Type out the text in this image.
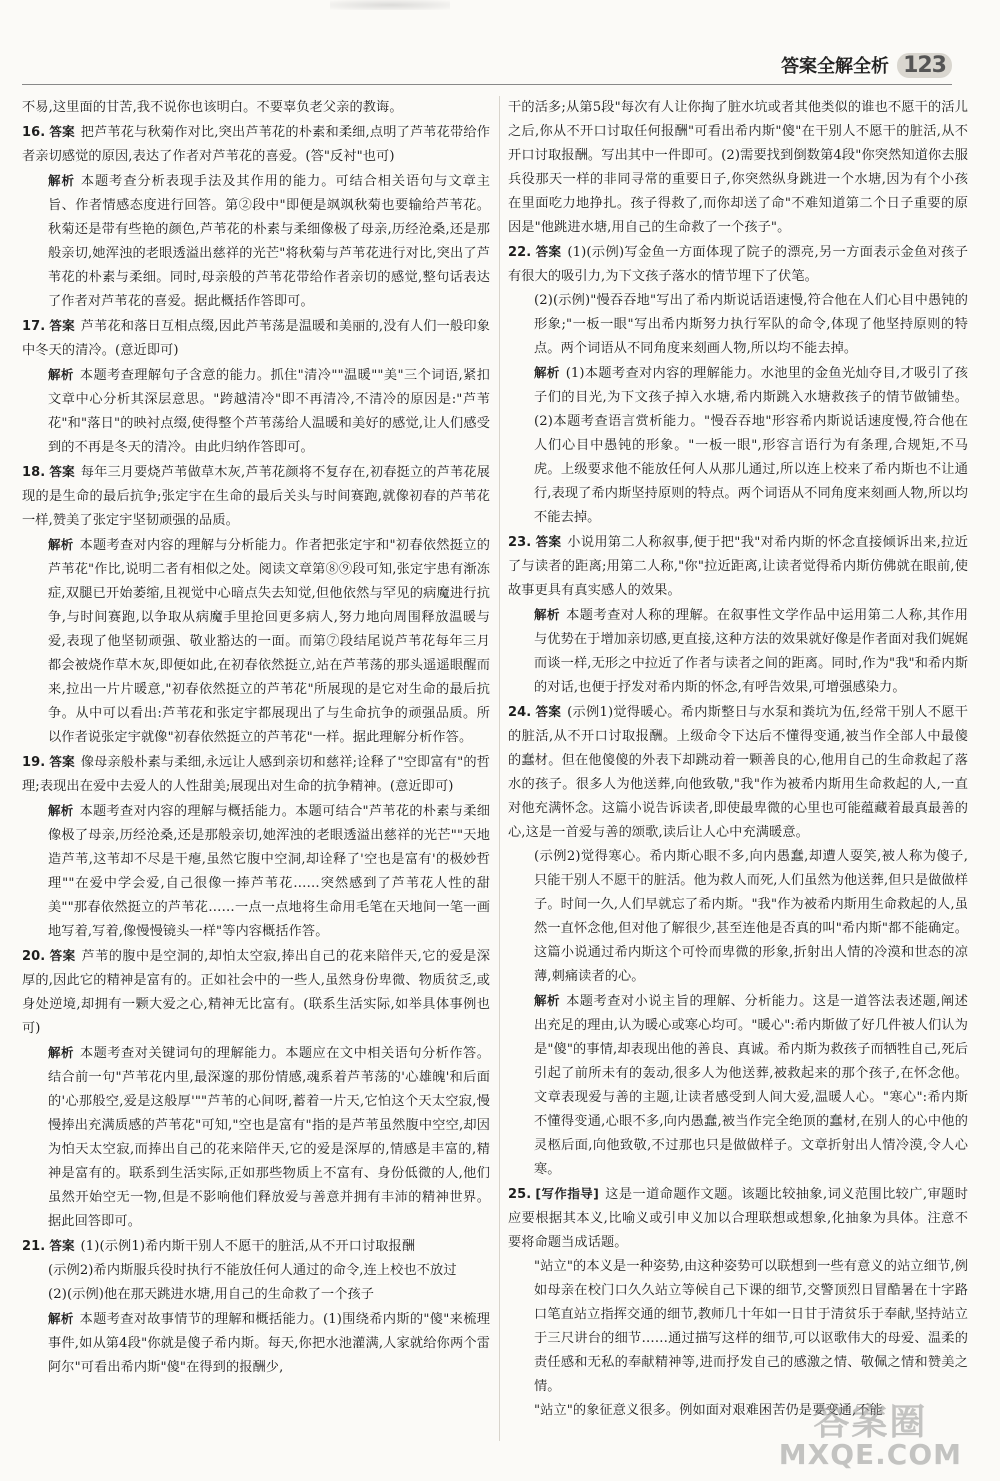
答案全解全析 123

不易,这里面的甘苦,我不说你也该明白。不要辜负老父亲的教诲。

16. 答案 把芦苇花与秋菊作对比,突出芦苇花的朴素和柔细,点明了芦苇花带给作者亲切感觉的原因,表达了作者对芦苇花的喜爱。(答"反衬"也可)

解析 本题考查分析表现手法及其作用的能力。可结合相关语句与文章主旨、作者情感态度进行回答。第②段中"即便是飒飒秋菊也要输给芦苇花。秋菊还是带有些艳的颜色,芦苇花的朴素与柔细像极了母亲,历经沧桑,还是那般亲切,她浑浊的老眼透溢出慈祥的光芒"将秋菊与芦苇花进行对比,突出了芦苇花的朴素与柔细。同时,母亲般的芦苇花带给作者亲切的感觉,整句话表达了作者对芦苇花的喜爱。据此概括作答即可。

17. 答案 芦苇花和落日互相点缀,因此芦苇荡是温暖和美丽的,没有人们一般印象中冬天的清冷。(意近即可)

解析 本题考查理解句子含意的能力。抓住"清冷""温暖""美"三个词语,紧扣文章中心分析其深层意思。"跨越清冷"即不再清冷,不清冷的原因是:"芦苇花"和"落日"的映衬点缀,使得整个芦苇荡给人温暖和美好的感觉,让人们感受到的不再是冬天的清冷。由此归纳作答即可。

18. 答案 每年三月要烧芦苇做草木灰,芦苇花颜将不复存在,初春挺立的芦苇花展现的是生命的最后抗争;张定宇在生命的最后关头与时间赛跑,就像初春的芦苇花一样,赞美了张定宇坚韧顽强的品质。

解析 本题考查对内容的理解与分析能力。作者把张定宇和"初春依然挺立的芦苇花"作比,说明二者有相似之处。阅读文章第⑧⑨段可知,张定宇患有渐冻症,双腿已开始萎缩,且视觉中心暗点失去知觉,但他依然与罕见的病魔进行抗争,与时间赛跑,以争取从病魔手里抢回更多病人,努力地向周围释放温暖与爱,表现了他坚韧顽强、敬业豁达的一面。而第⑦段结尾说芦苇花每年三月都会被烧作草木灰,即便如此,在初春依然挺立,站在芦苇荡的那头遥遥眼醒而来,拉出一片片暖意,"初春依然挺立的芦苇花"所展现的是它对生命的最后抗争。从中可以看出:芦苇花和张定宇都展现出了与生命抗争的顽强品质。所以作者说张定宇就像"初春依然挺立的芦苇花"一样。据此理解分析作答。

19. 答案 像母亲般朴素与柔细,永远让人感到亲切和慈祥;诠释了"空即富有"的哲理;表现出在爱中去爱人的人性甜美;展现出对生命的抗争精神。(意近即可)

解析 本题考查对内容的理解与概括能力。本题可结合"芦苇花的朴素与柔细像极了母亲,历经沧桑,还是那般亲切,她浑浊的老眼透溢出慈祥的光芒""天地造芦苇,这苇却不尽是干瘪,虽然它腹中空洞,却诠释了'空也是富有'的极妙哲理""在爱中学会爱,自己很像一捧芦苇花……突然感到了芦苇花人性的甜美""那春依然挺立的芦苇花……一点一点地将生命用毛笔在天地间一笔一画地写着,写着,像慢慢镜头一样"等内容概括作答。

20. 答案 芦苇的腹中是空洞的,却怕太空寂,捧出自己的花来陪伴天,它的爱是深厚的,因此它的精神是富有的。正如社会中的一些人,虽然身份卑微、物质贫乏,或身处逆境,却拥有一颗大爱之心,精神无比富有。(联系生活实际,如举具体事例也可)

解析 本题考查对关键词句的理解能力。本题应在文中相关语句分析作答。结合前一句"芦苇花内里,最深邃的那份情感,魂系着芦苇荡的'心雄魄'和后面的'心那般空,爱是这般厚'""芦苇的心间呀,蓄着一片天,它怕这个天太空寂,慢慢捧出充满质感的芦苇花"可知,"空也是富有"指的是芦苇虽然腹中空空,却因为怕天太空寂,而捧出自己的花来陪伴天,它的爱是深厚的,情感是丰富的,精神是富有的。联系到生活实际,正如那些物质上不富有、身份低微的人,他们虽然开始空无一物,但是不影响他们释放爱与善意并拥有丰沛的精神世界。据此回答即可。

21. 答案 (1)(示例1)希内斯干别人不愿干的脏活,从不开口讨取报酬

(示例2)希内斯服兵役时执行不能放任何人通过的命令,连上校也不放过

(2)(示例)他在那天跳进水塘,用自己的生命救了一个孩子

解析 本题考查对故事情节的理解和概括能力。(1)围绕希内斯的"傻"来梳理事件,如从第4段"你就是傻子希内斯。每天,你把水池灌满,人家就给你两个雷阿尔"可看出希内斯"傻"在得到的报酬少,

干的活多;从第5段"每次有人让你掏了脏水坑或者其他类似的谁也不愿干的活儿之后,你从不开口讨取任何报酬"可看出希内斯"傻"在干别人不愿干的脏活,从不开口讨取报酬。写出其中一件即可。(2)需要找到倒数第4段"你突然知道你去服兵役那天一样的非同寻常的重要日子,你突然纵身跳进一个水塘,因为有个小孩在里面吃力地挣扎。孩子得救了,而你却送了命"不难知道第二个日子重要的原因是"他跳进水塘,用自己的生命救了一个孩子"。

22. 答案 (1)(示例)写金鱼一方面体现了院子的漂亮,另一方面表示金鱼对孩子有很大的吸引力,为下文孩子落水的情节埋下了伏笔。

(2)(示例)"慢吞吞地"写出了希内斯说话语速慢,符合他在人们心目中愚钝的形象;"一板一眼"写出希内斯努力执行军队的命令,体现了他坚持原则的特点。两个词语从不同角度来刻画人物,所以均不能去掉。

解析 (1)本题考查对内容的理解能力。水池里的金鱼光灿夺目,才吸引了孩子们的目光,为下文孩子掉入水塘,希内斯跳入水塘救孩子的情节做铺垫。(2)本题考查语言赏析能力。"慢吞吞地"形容希内斯说话速度慢,符合他在人们心目中愚钝的形象。"一板一眼",形容言语行为有条理,合规矩,不马虎。上级要求他不能放任何人从那儿通过,所以连上校来了希内斯也不让通行,表现了希内斯坚持原则的特点。两个词语从不同角度来刻画人物,所以均不能去掉。

23. 答案 小说用第二人称叙事,便于把"我"对希内斯的怀念直接倾诉出来,拉近了与读者的距离;用第二人称,"你"拉近距离,让读者觉得希内斯仿佛就在眼前,使故事更具有真实感人的效果。

解析 本题考查对人称的理解。在叙事性文学作品中运用第二人称,其作用与优势在于增加亲切感,更直接,这种方法的效果就好像是作者面对我们娓娓而谈一样,无形之中拉近了作者与读者之间的距离。同时,作为"我"和希内斯的对话,也便于抒发对希内斯的怀念,有呼告效果,可增强感染力。

24. 答案 (示例1)觉得暖心。希内斯整日与水泵和粪坑为伍,经常干别人不愿干的脏活,从不开口讨取报酬。上级命令下达后不懂得变通,被当作全部人中最傻的蠢材。但在他傻傻的外表下却跳动着一颗善良的心,他用自己的生命救起了落水的孩子。很多人为他送葬,向他致敬,"我"作为被希内斯用生命救起的人,一直对他充满怀念。这篇小说告诉读者,即使最卑微的心里也可能蕴藏着最真最善的心,这是一首爱与善的颂歌,读后让人心中充满暖意。

(示例2)觉得寒心。希内斯心眼不多,向内愚蠢,却遭人耍笑,被人称为傻子,只能干别人不愿干的脏活。他为救人而死,人们虽然为他送葬,但只是做做样子。时间一久,人们早就忘了希内斯。"我"作为被希内斯用生命救起的人,虽然一直怀念他,但对他了解很少,甚至连他是否真的叫"希内斯"都不能确定。这篇小说通过希内斯这个可怜而卑微的形象,折射出人情的冷漠和世态的凉薄,刺痛读者的心。

解析 本题考查对小说主旨的理解、分析能力。这是一道答法表述题,阐述出充足的理由,认为暖心或寒心均可。"暖心":希内斯做了好几件被人们认为是"傻"的事情,却表现出他的善良、真诚。希内斯为救孩子而牺牲自己,死后引起了前所未有的轰动,很多人为他送葬,被救起来的那个孩子,在怀念他。文章表现爱与善的主题,让读者感受到人间大爱,温暖人心。"寒心":希内斯不懂得变通,心眼不多,向内愚蠢,被当作完全绝顶的蠢材,在别人的心中他的灵柩后面,向他致敬,不过那也只是做做样子。文章折射出人情冷漠,令人心寒。

25. [写作指导] 这是一道命题作文题。该题比较抽象,词义范围比较广,审题时应要根据其本义,比喻义或引申义加以合理联想或想象,化抽象为具体。注意不要将命题当成话题。

"站立"的本义是一种姿势,由这种姿势可以联想到一些有意义的站立细节,例如母亲在校门口久久站立等候自己下课的细节,交警顶烈日冒酷暑在十字路口笔直站立指挥交通的细节,教师几十年如一日甘于清贫乐于奉献,坚持站立于三尺讲台的细节……通过描写这样的细节,可以讴歌伟大的母爱、温柔的责任感和无私的奉献精神等,进而抒发自己的感激之情、敬佩之情和赞美之情。

"站立"的象征意义很多。例如面对艰难困苦仍是要变通,不能

答案圈
MXQE.COM
